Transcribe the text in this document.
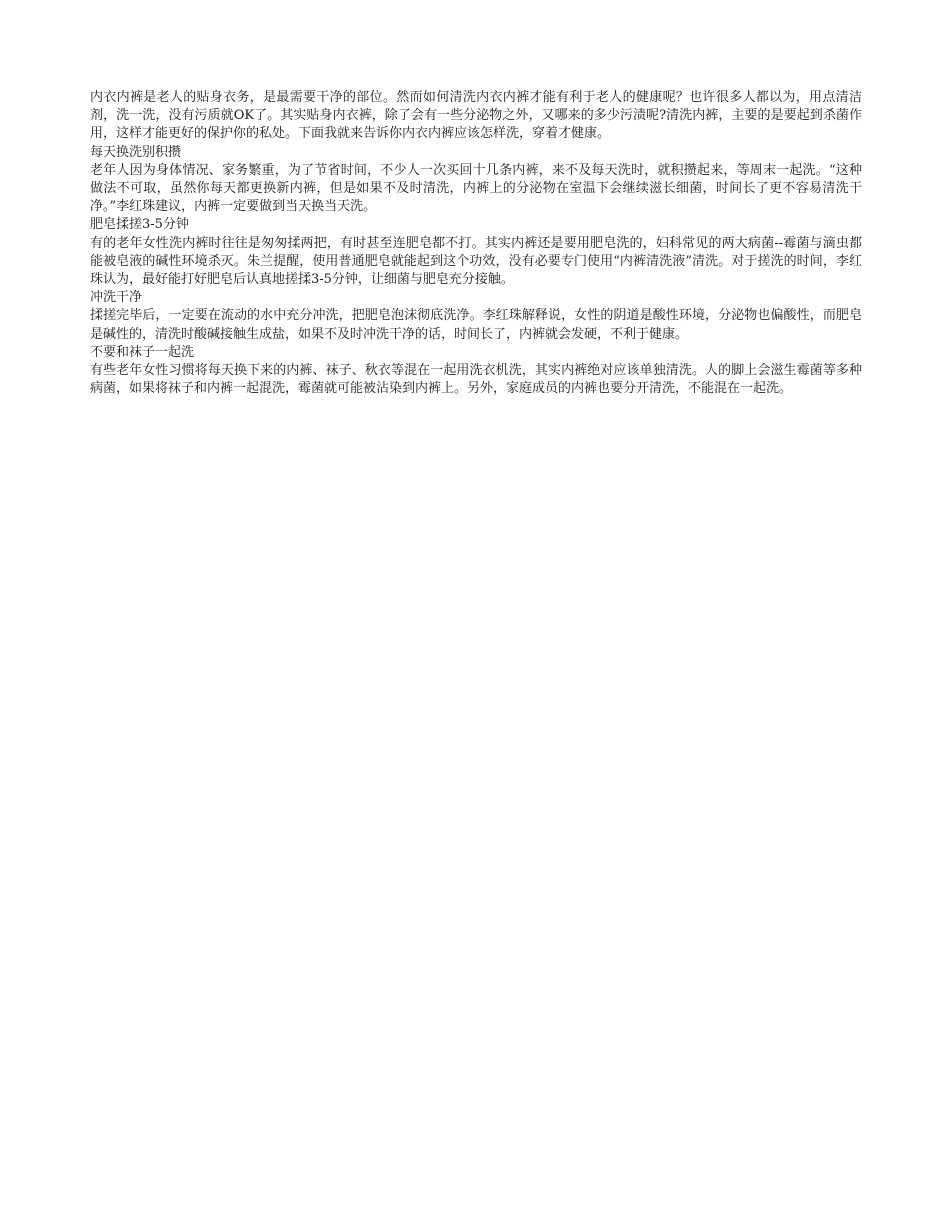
内衣内裤是老人的贴身衣务，是最需要干净的部位。然而如何清洗内衣内裤才能有利于老人的健康呢？也许很多人都以为，用点清洁剂，洗一洗，没有污质就OK了。其实贴身内衣裤，除了会有一些分泌物之外，又哪来的多少污渍呢?清洗内裤，主要的是要起到杀菌作用，这样才能更好的保护你的私处。下面我就来告诉你内衣内裤应该怎样洗，穿着才健康。

每天换洗别积攒

老年人因为身体情况、家务繁重，为了节省时间，不少人一次买回十几条内裤，来不及每天洗时，就积攒起来，等周末一起洗。“这种做法不可取，虽然你每天都更换新内裤，但是如果不及时清洗，内裤上的分泌物在室温下会继续滋长细菌，时间长了更不容易清洗干净。”李红珠建议，内裤一定要做到当天换当天洗。

肥皂揉搓3-5分钟

有的老年女性洗内裤时往往是匆匆揉两把，有时甚至连肥皂都不打。其实内裤还是要用肥皂洗的，妇科常见的两大病菌--霉菌与滴虫都能被皂液的碱性环境杀灭。朱兰提醒，使用普通肥皂就能起到这个功效，没有必要专门使用“内裤清洗液”清洗。对于搓洗的时间，李红珠认为，最好能打好肥皂后认真地搓揉3-5分钟，让细菌与肥皂充分接触。

冲洗干净

揉搓完毕后，一定要在流动的水中充分冲洗，把肥皂泡沫彻底洗净。李红珠解释说，女性的阴道是酸性环境，分泌物也偏酸性，而肥皂是碱性的，清洗时酸碱接触生成盐，如果不及时冲洗干净的话，时间长了，内裤就会发硬，不利于健康。

不要和袜子一起洗

有些老年女性习惯将每天换下来的内裤、袜子、秋衣等混在一起用洗衣机洗，其实内裤绝对应该单独清洗。人的脚上会滋生霉菌等多种病菌，如果将袜子和内裤一起混洗，霉菌就可能被沾染到内裤上。另外，家庭成员的内裤也要分开清洗，不能混在一起洗。
